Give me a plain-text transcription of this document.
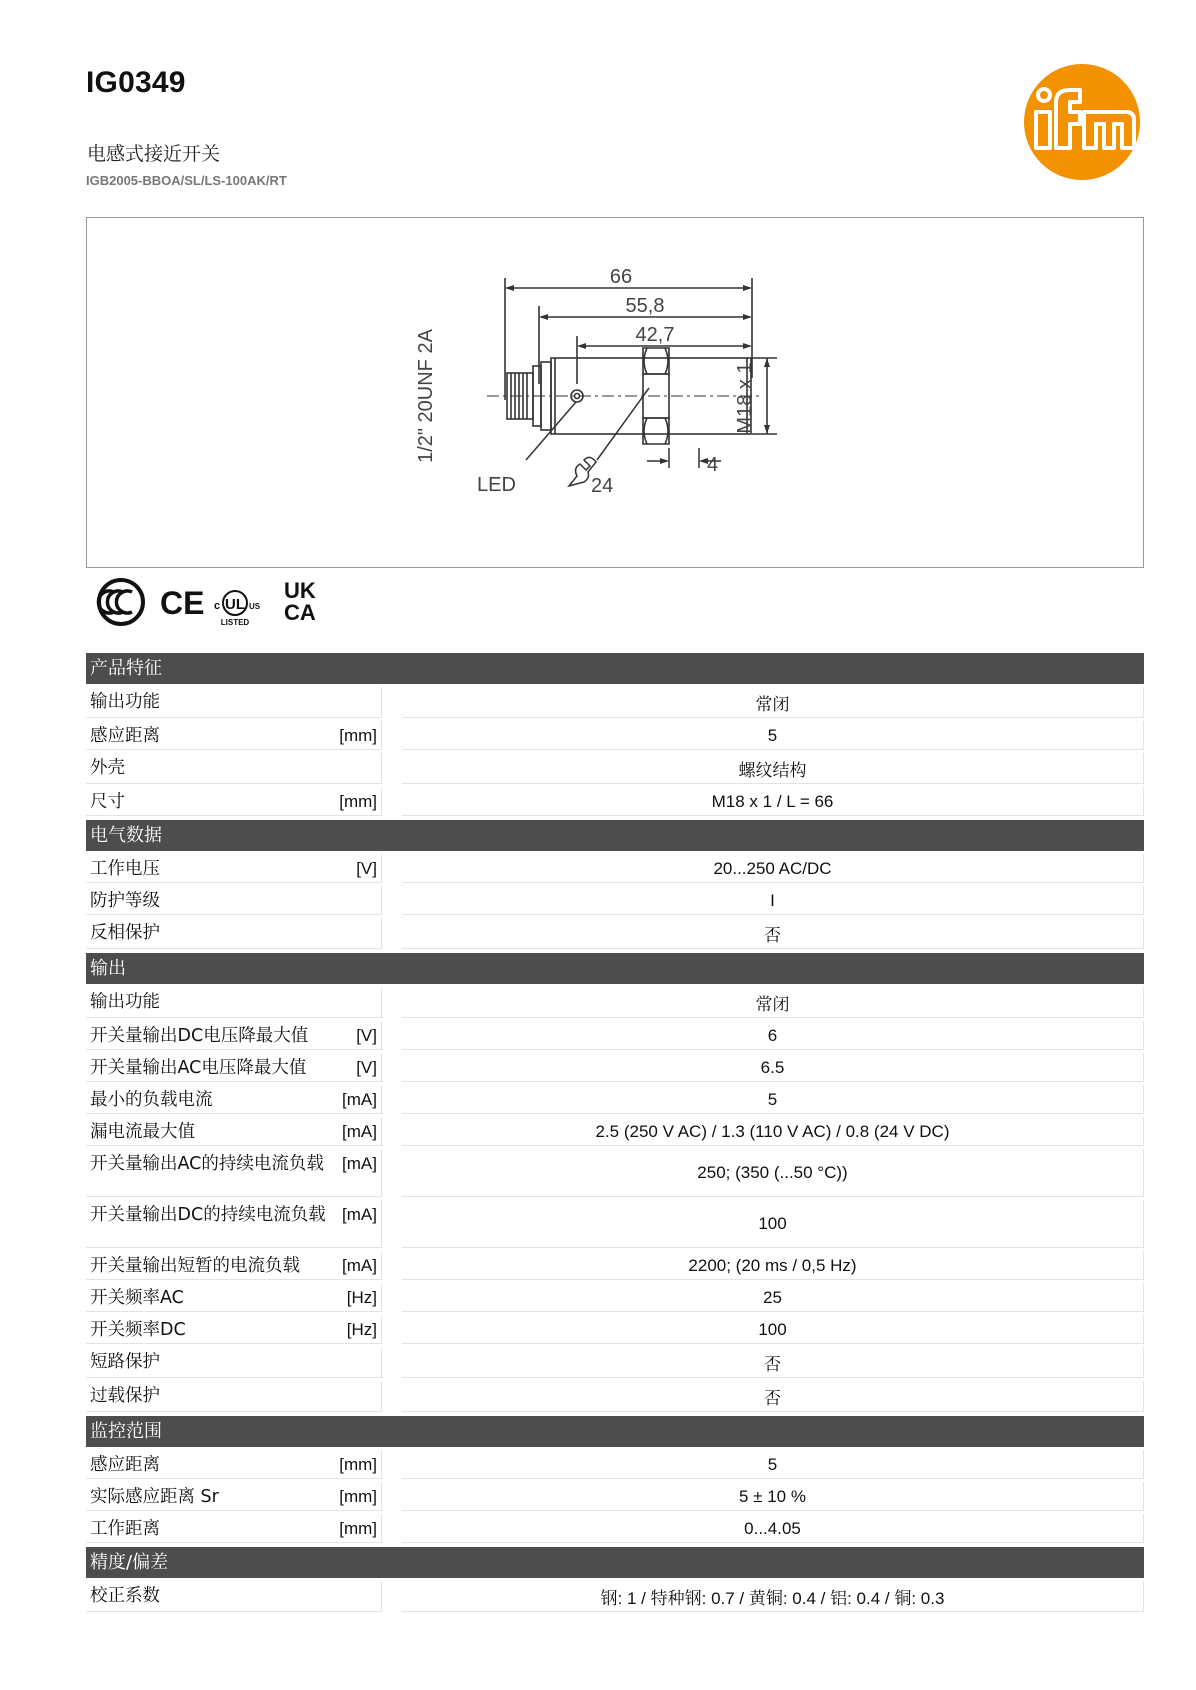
IG0349
电感式接近开关
IGB2005-BBOA/SL/LS-100AK/RT	ifm
66
55,8
42,7
M18 x 1
1/2" 20UNF 2A
LED	24
4
CE c UL US
LISTED
UK
CA
产品特征
输出功能	常闭
感应距离	[mm]	5
外壳	螺纹结构
尺寸	[mm]	M18 x 1 / L = 66
电气数据
工作电压	[V]	20...250 AC/DC
防护等级	I
反相保护	否
输出
输出功能	常闭
开关量输出DC电压降最大值	[V]	6
开关量输出AC电压降最大值	[V]	6.5
最小的负载电流	[mA]	5
漏电流最大值	[mA]	2.5 (250 V AC) / 1.3 (110 V AC) / 0.8 (24 V DC)
开关量输出AC的持续电流负载	[mA]	250; (350 (...50 °C))
开关量输出DC的持续电流负载 [mA]	100
开关量输出短暂的电流负载	[mA]	2200; (20 ms / 0,5 Hz)
开关频率AC	[Hz]	25
开关频率DC	[Hz]	100
短路保护	否
过载保护	否
监控范围
感应距离	[mm]	5
实际感应距离 Sr	[mm]	5 ± 10 %
工作距离	[mm]	0...4.05
精度/偏差
校正系数	钢: 1 / 特种钢: 0.7 / 黄铜: 0.4 / 铝: 0.4 / 铜: 0.3
